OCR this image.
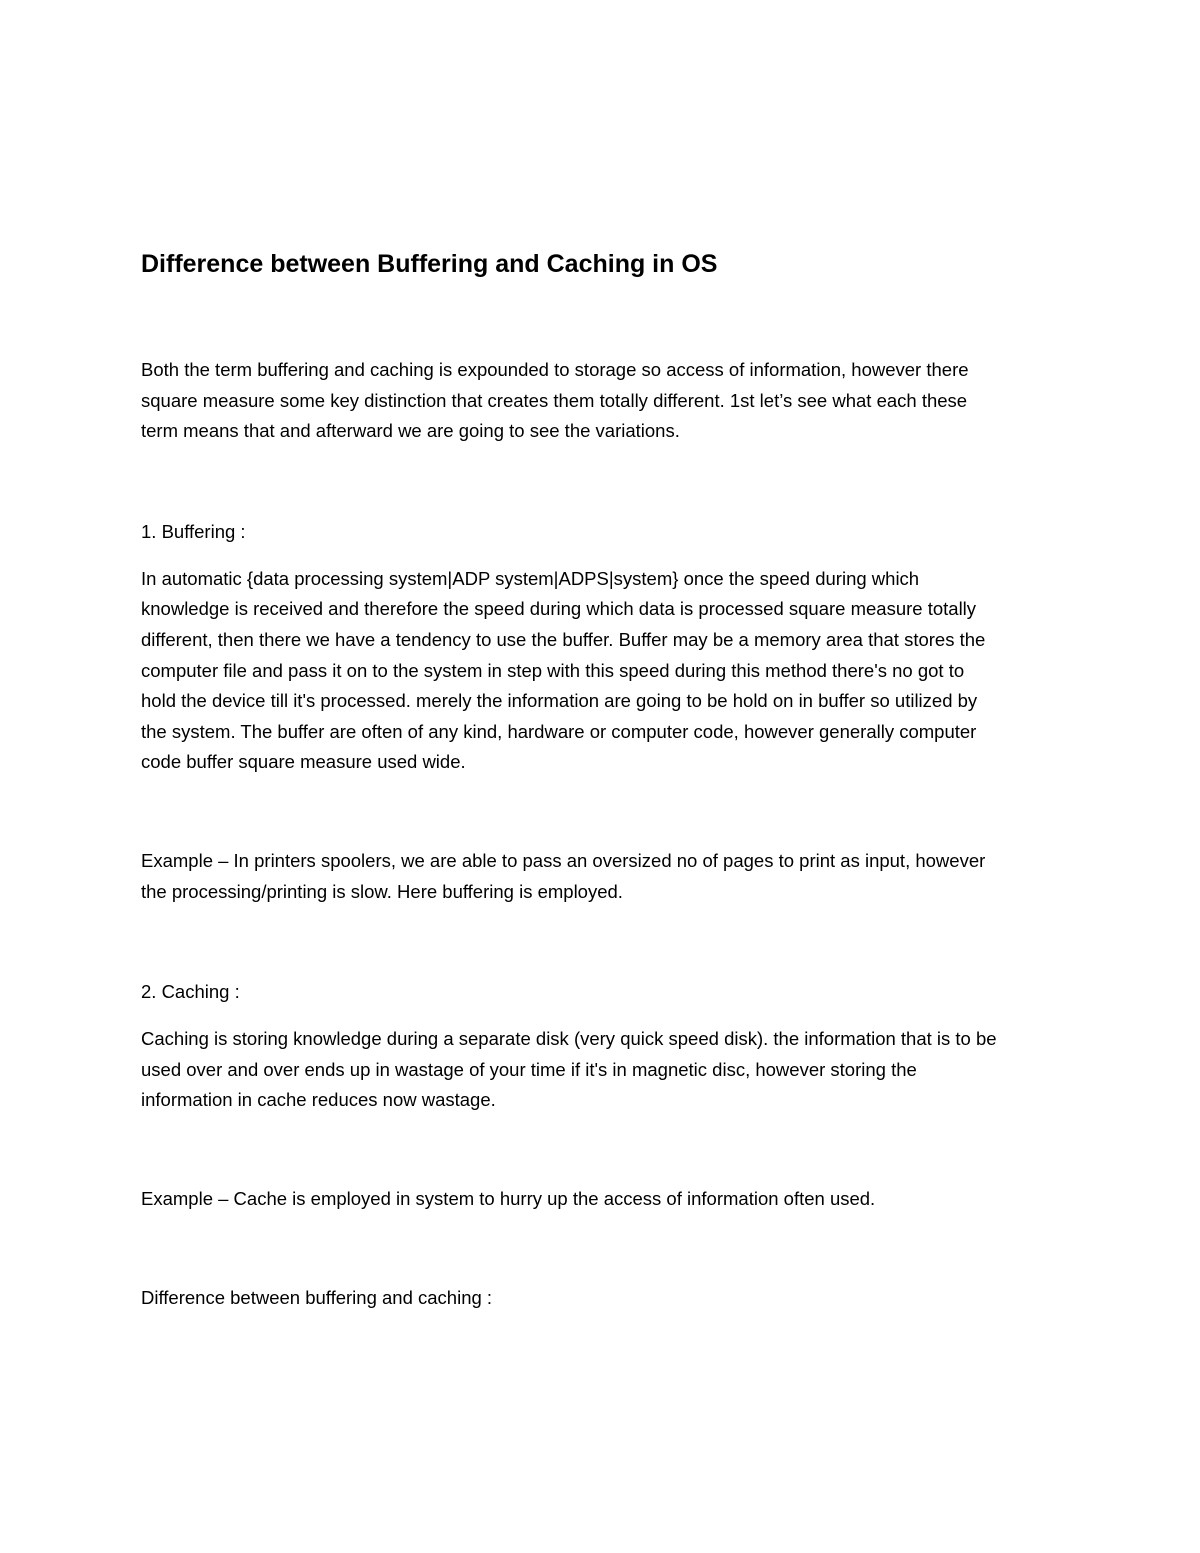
Difference between Buffering and Caching in OS

Both the term buffering and caching is expounded to storage so access of information, however there
square measure some key distinction that creates them totally different. 1st let’s see what each these
term means that and afterward we are going to see the variations.

1. Buffering :

In automatic {data processing system|ADP system|ADPS|system} once the speed during which
knowledge is received and therefore the speed during which data is processed square measure totally
different, then there we have a tendency to use the buffer. Buffer may be a memory area that stores the
computer file and pass it on to the system in step with this speed during this method there's no got to
hold the device till it's processed. merely the information are going to be hold on in buffer so utilized by
the system. The buffer are often of any kind, hardware or computer code, however generally computer
code buffer square measure used wide.

Example – In printers spoolers, we are able to pass an oversized no of pages to print as input, however
the processing/printing is slow. Here buffering is employed.

2. Caching :

Caching is storing knowledge during a separate disk (very quick speed disk). the information that is to be
used over and over ends up in wastage of your time if it's in magnetic disc, however storing the
information in cache reduces now wastage.

Example – Cache is employed in system to hurry up the access of information often used.

Difference between buffering and caching :
